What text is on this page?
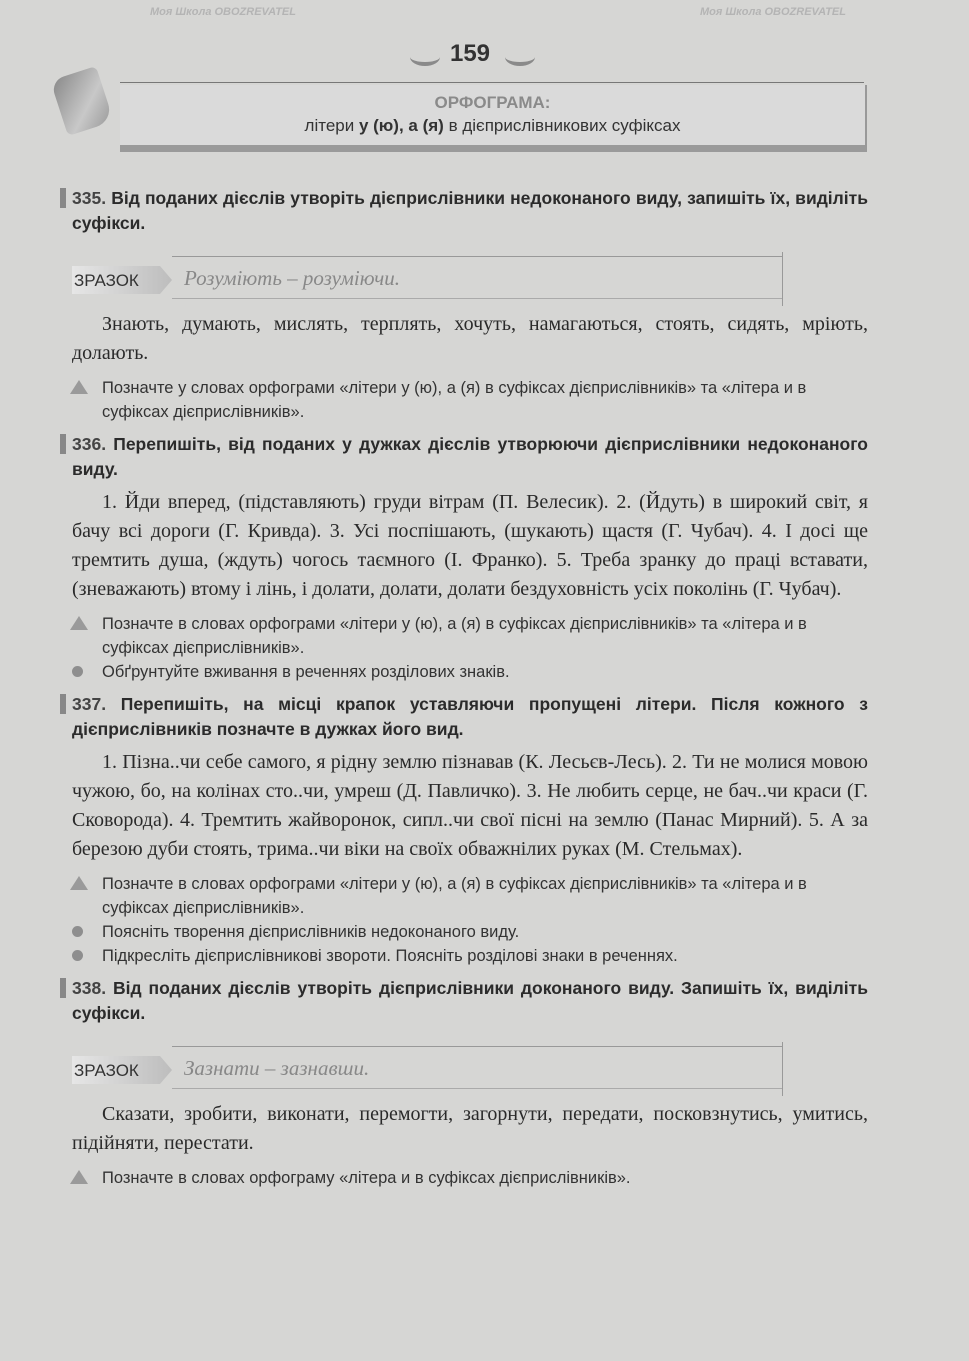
Моя Школа OBOZREVATEL	Моя Школа OBOZREVATEL
159
ОРФОГРАМА:
літери у (ю), а (я) в дієприслівникових суфіксах
335. Від поданих дієслів утворіть дієприслівники недоконаного виду, запишіть їх, виділіть суфікси.
ЗРАЗОК Розуміють – розуміючи.
Знають, думають, мислять, терплять, хочуть, намагаються, стоять, сидять, мріють, долають.
Позначте у словах орфограми «літери у (ю), а (я) в суфіксах дієприслівників» та «літера и в суфіксах дієприслівників».
336. Перепишіть, від поданих у дужках дієслів утворюючи дієприслівники недоконаного виду.
1. Йди вперед, (підставляють) груди вітрам (П. Велесик). 2. (Йдуть) в широкий світ, я бачу всі дороги (Г. Кривда). 3. Усі поспішають, (шукають) щастя (Г. Чубач). 4. І досі ще тремтить душа, (ждуть) чогось таємного (І. Франко). 5. Треба зранку до праці вставати, (зневажають) втому і лінь, і долати, долати, долати бездуховність усіх поколінь (Г. Чубач).
Позначте в словах орфограми «літери у (ю), а (я) в суфіксах дієприслівників» та «літера и в суфіксах дієприслівників».
Обґрунтуйте вживання в реченнях розділових знаків.
337. Перепишіть, на місці крапок уставляючи пропущені літери. Після кожного з дієприслівників позначте в дужках його вид.
1. Пізна..чи себе самого, я рідну землю пізнавав (К. Лесьєв-Лесь). 2. Ти не молися мовою чужою, бо, на колінах сто..чи, умреш (Д. Павличко). 3. Не любить серце, не бач..чи краси (Г. Сковорода). 4. Тремтить жайворонок, сипл..чи свої пісні на землю (Панас Мирний). 5. А за березою дуби стоять, трима..чи віки на своїх обважнілих руках (М. Стельмах).
Позначте в словах орфограми «літери у (ю), а (я) в суфіксах дієприслівників» та «літера и в суфіксах дієприслівників».
Поясніть творення дієприслівників недоконаного виду.
Підкресліть дієприслівникові звороти. Поясніть розділові знаки в реченнях.
338. Від поданих дієслів утворіть дієприслівники доконаного виду. Запишіть їх, виділіть суфікси.
ЗРАЗОК Зазнати – зазнавши.
Сказати, зробити, виконати, перемогти, загорнути, передати, посковзнутись, умитись, підійняти, перестати.
Позначте в словах орфограму «літера и в суфіксах дієприслівників».
